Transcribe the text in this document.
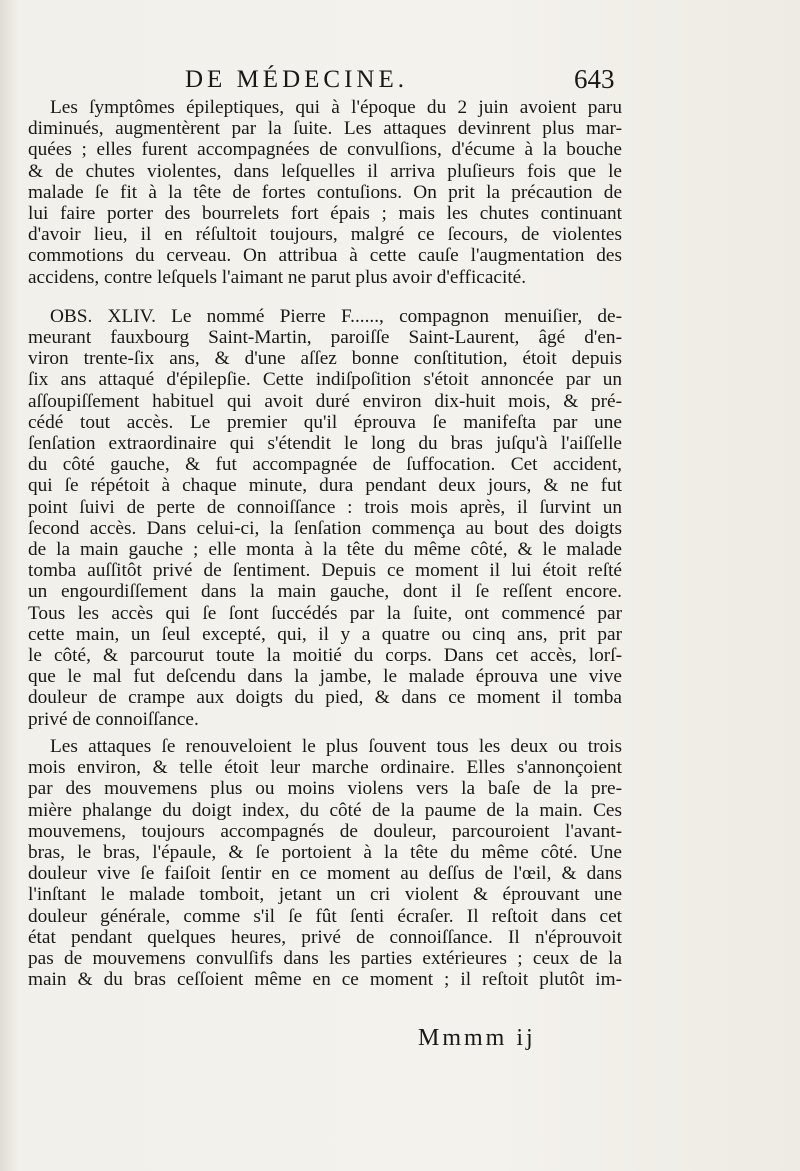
DE MÉDECINE.	643
Les ſymptômes épileptiques, qui à l'époque du 2 juin avoient paru
diminués, augmentèrent par la ſuite. Les attaques devinrent plus mar-
quées ; elles furent accompagnées de convulſions, d'écume à la bouche
& de chutes violentes, dans leſquelles il arriva pluſieurs fois que le
malade ſe fit à la tête de fortes contuſions. On prit la précaution de
lui faire porter des bourrelets fort épais ; mais les chutes continuant
d'avoir lieu, il en réſultoit toujours, malgré ce ſecours, de violentes
commotions du cerveau. On attribua à cette cauſe l'augmentation des
accidens, contre leſquels l'aimant ne parut plus avoir d'efficacité.
OBS. XLIV. Le nommé Pierre F......, compagnon menuiſier, de-
meurant fauxbourg Saint-Martin, paroiſſe Saint-Laurent, âgé d'en-
viron trente-ſix ans, & d'une aſſez bonne conſtitution, étoit depuis
ſix ans attaqué d'épilepſie. Cette indiſpoſition s'étoit annoncée par un
aſſoupiſſement habituel qui avoit duré environ dix-huit mois, & pré-
cédé tout accès. Le premier qu'il éprouva ſe manifeſta par une
ſenſation extraordinaire qui s'étendit le long du bras juſqu'à l'aiſſelle
du côté gauche, & fut accompagnée de ſuffocation. Cet accident,
qui ſe répétoit à chaque minute, dura pendant deux jours, & ne fut
point ſuivi de perte de connoiſſance : trois mois après, il ſurvint un
ſecond accès. Dans celui-ci, la ſenſation commença au bout des doigts
de la main gauche ; elle monta à la tête du même côté, & le malade
tomba auſſitôt privé de ſentiment. Depuis ce moment il lui étoit reſté
un engourdiſſement dans la main gauche, dont il ſe reſſent encore.
Tous les accès qui ſe ſont ſuccédés par la ſuite, ont commencé par
cette main, un ſeul excepté, qui, il y a quatre ou cinq ans, prit par
le côté, & parcourut toute la moitié du corps. Dans cet accès, lorſ-
que le mal fut deſcendu dans la jambe, le malade éprouva une vive
douleur de crampe aux doigts du pied, & dans ce moment il tomba
privé de connoiſſance.
Les attaques ſe renouveloient le plus ſouvent tous les deux ou trois
mois environ, & telle étoit leur marche ordinaire. Elles s'annonçoient
par des mouvemens plus ou moins violens vers la baſe de la pre-
mière phalange du doigt index, du côté de la paume de la main. Ces
mouvemens, toujours accompagnés de douleur, parcouroient l'avant-
bras, le bras, l'épaule, & ſe portoient à la tête du même côté. Une
douleur vive ſe faiſoit ſentir en ce moment au deſſus de l'œil, & dans
l'inſtant le malade tomboit, jetant un cri violent & éprouvant une
douleur générale, comme s'il ſe fût ſenti écraſer. Il reſtoit dans cet
état pendant quelques heures, privé de connoiſſance. Il n'éprouvoit
pas de mouvemens convulſifs dans les parties extérieures ; ceux de la
main & du bras ceſſoient même en ce moment ; il reſtoit plutôt im-
Mmmm ij
